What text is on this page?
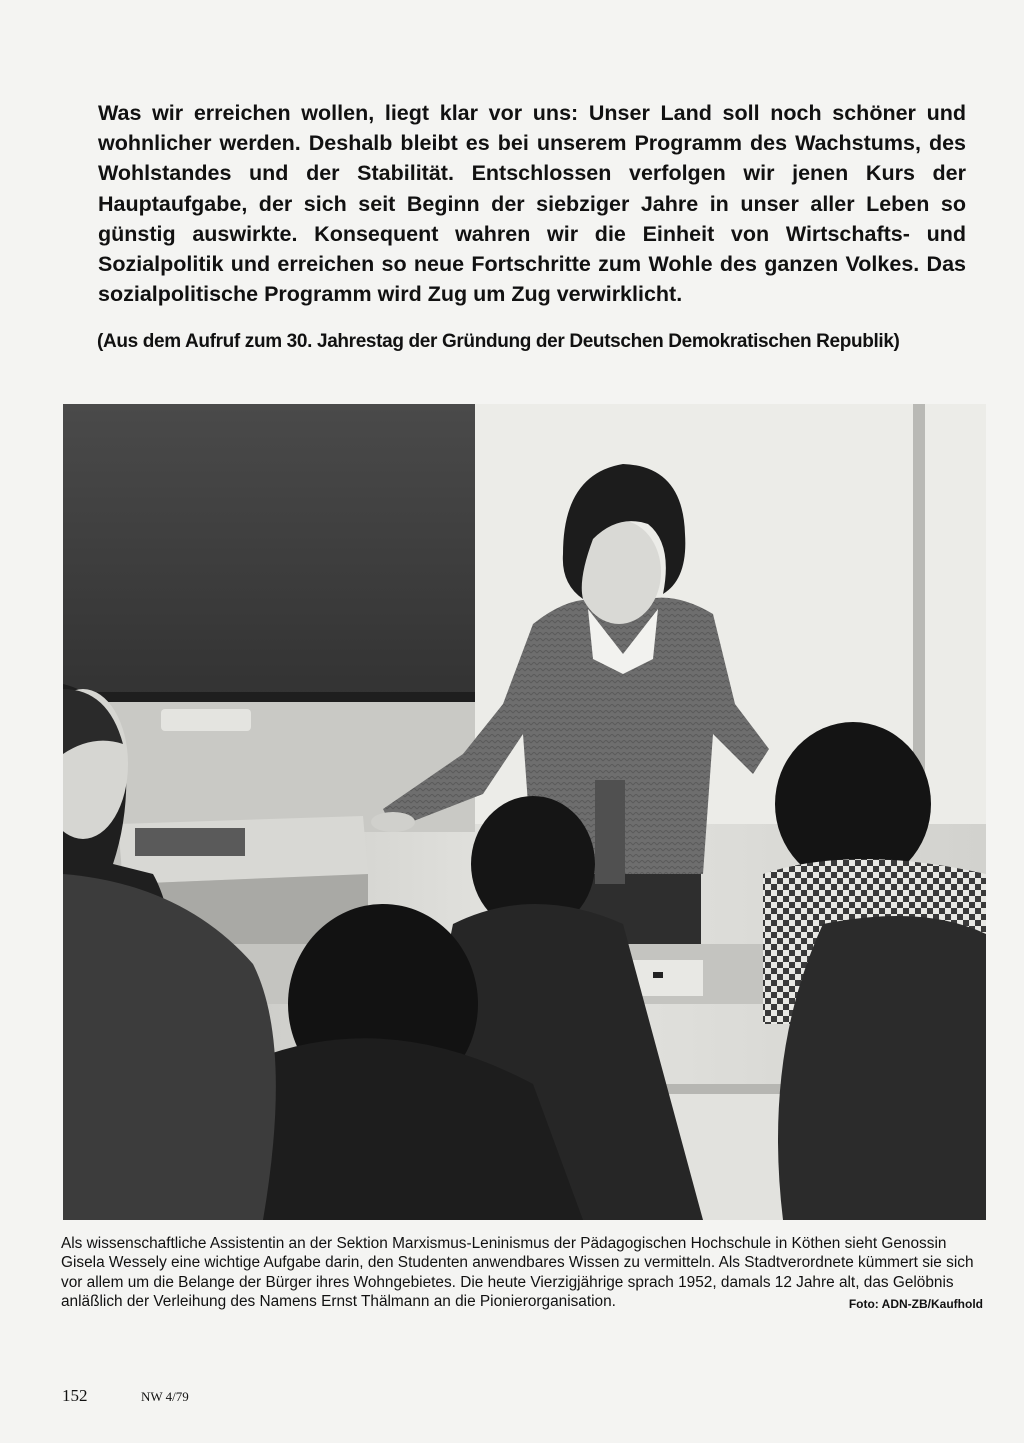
Was wir erreichen wollen, liegt klar vor uns: Unser Land soll noch schöner und wohnlicher werden. Deshalb bleibt es bei unserem Programm des Wachstums, des Wohlstandes und der Stabilität. Entschlossen verfolgen wir jenen Kurs der Hauptaufgabe, der sich seit Beginn der siebziger Jahre in unser aller Leben so günstig auswirkte. Konsequent wahren wir die Einheit von Wirtschafts- und Sozialpolitik und erreichen so neue Fortschritte zum Wohle des ganzen Volkes. Das sozialpolitische Programm wird Zug um Zug verwirklicht.

(Aus dem Aufruf zum 30. Jahrestag der Gründung der Deutschen Demokratischen Republik)

Als wissenschaftliche Assistentin an der Sektion Marxismus-Leninismus der Pädagogischen Hochschule in Köthen sieht Genossin Gisela Wessely eine wichtige Aufgabe darin, den Studenten anwendbares Wissen zu vermitteln. Als Stadtverordnete kümmert sie sich vor allem um die Belange der Bürger ihres Wohngebietes. Die heute Vierzigjährige sprach 1952, damals 12 Jahre alt, das Gelöbnis anläßlich der Verleihung des Namens Ernst Thälmann an die Pionierorganisation.	Foto: ADN-ZB/Kaufhold

152	NW 4/79
